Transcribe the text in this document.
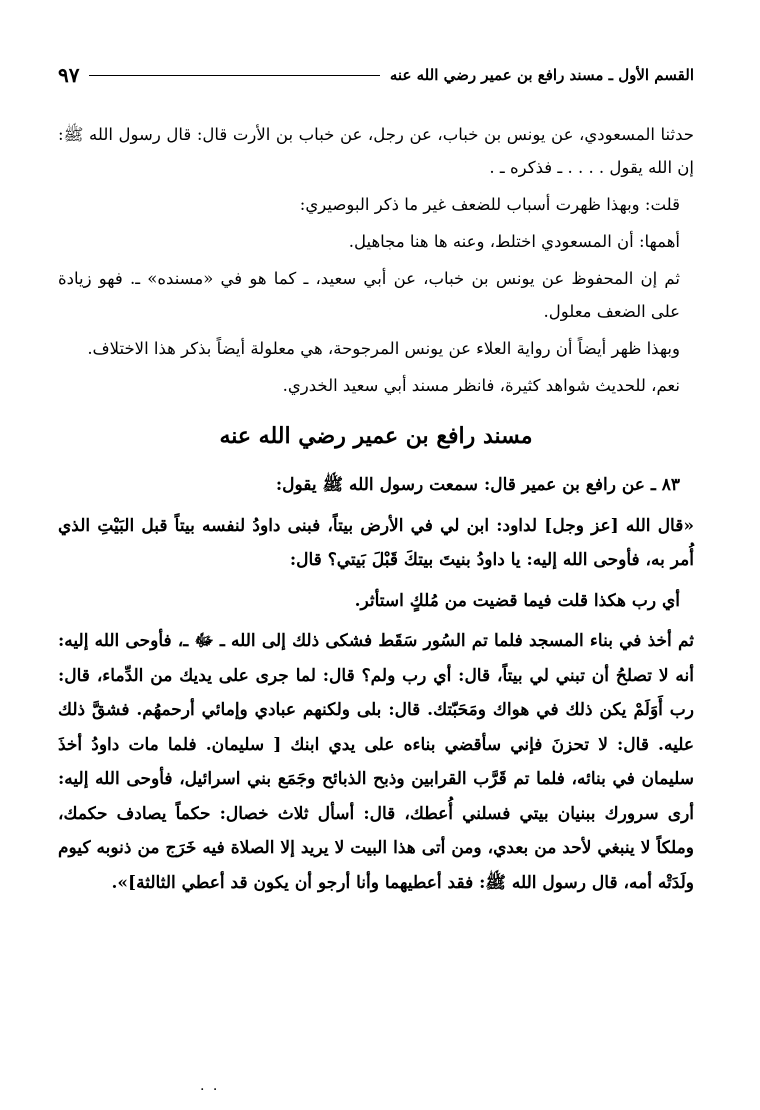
القسم الأول ـ مسند رافع بن عمير رضي الله عنه
٩٧

حدثنا المسعودي، عن يونس بن خباب، عن رجل، عن خباب بن الأرت قال: قال رسول الله ﷺ: إن الله يقول . . . . ـ فذكره ـ .

قلت: وبهذا ظهرت أسباب للضعف غير ما ذكر البوصيري:

أهمها: أن المسعودي اختلط، وعنه ها هنا مجاهيل.

ثم إن المحفوظ عن يونس بن خباب، عن أبي سعيد، ـ كما هو في «مسنده» ـ. فهو زيادة على الضعف معلول.

وبهذا ظهر أيضاً أن رواية العلاء عن يونس المرجوحة، هي معلولة أيضاً بذكر هذا الاختلاف.

نعم، للحديث شواهد كثيرة، فانظر مسند أبي سعيد الخدري.

مسند رافع بن عمير رضي الله عنه

٨٣ ـ عن رافع بن عمير قال: سمعت رسول الله ﷺ يقول:

«قال الله [عز وجل] لداود: ابن لي في الأرض بيتاً، فبنى داودُ لنفسه بيتاً قبل البَيْتِ الذي أُمر به، فأوحى الله إليه: يا داودُ بنيتَ بيتكَ قَبْلَ بَيتي؟ قال:

أي رب هكذا قلت فيما قضيت من مُلكٍ استأثر.

ثم أخذ في بناء المسجد فلما تم السُور سَقَط فشكى ذلك إلى الله ـ ﷻ ـ، فأوحى الله إليه: أنه لا تصلحُ أن تبني لي بيتاً، قال: أي رب ولم؟ قال: لما جرى على يديك من الدِّماء، قال: رب أَوَلَمْ يكن ذلك في هواك ومَحَبّتك. قال: بلى ولكنهم عبادي وإمائي أرحمهُم. فشقَّ ذلك عليه. قال: لا تحزنَ فإني سأقضي بناءه على يدي ابنك [ سليمان. فلما مات داودُ أخذَ سليمان في بنائه، فلما تم قَرَّب القرابين وذبح الذبائح وجَمَع بني اسرائيل، فأوحى الله إليه: أرى سرورك ببنيان بيتي فسلني أُعطك، قال: أسأل ثلاث خصال: حكماً يصادف حكمك، وملكاً لا ينبغي لأحد من بعدي، ومن أتى هذا البيت لا يريد إلا الصلاة فيه خَرَج من ذنوبه كيوم ولَدَتْه أمه، قال رسول الله ﷺ: فقد أعطيهما وأنا أرجو أن يكون قد أعطي الثالثة]».

. .
